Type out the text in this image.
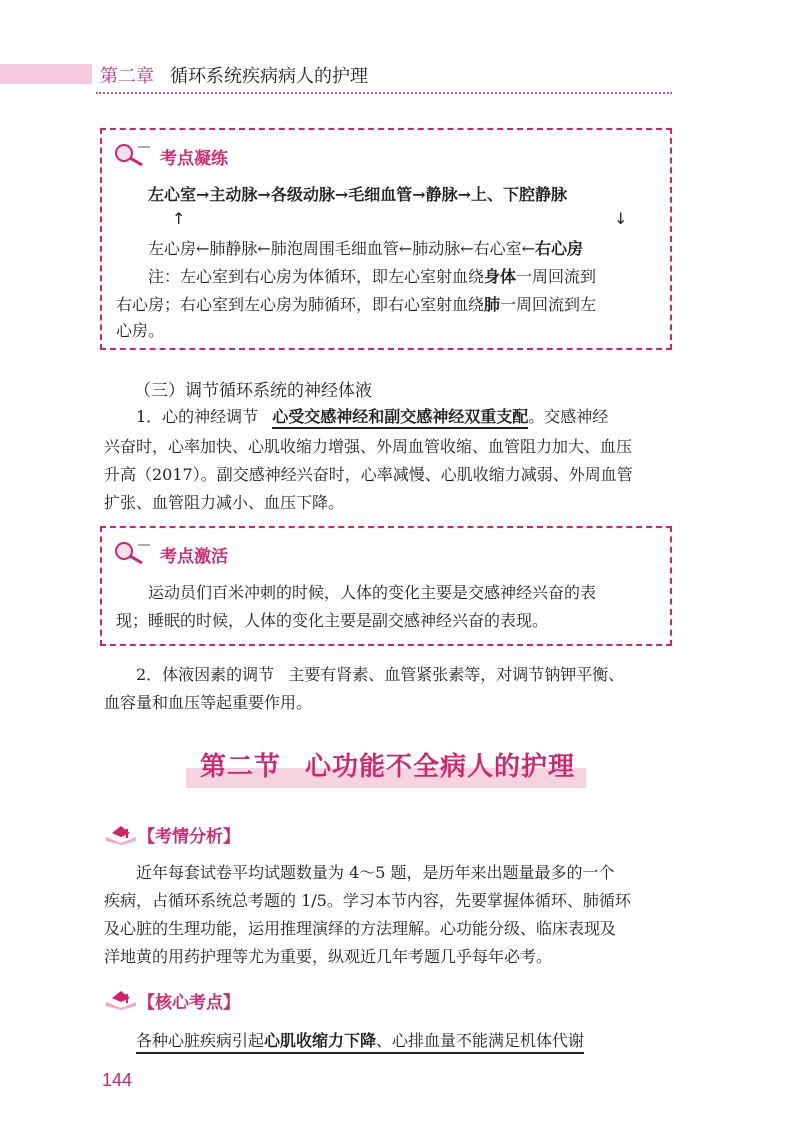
第二章 循环系统疾病病人的护理
考点凝练
左心室→主动脉→各级动脉→毛细血管→静脉→上、下腔静脉
↑	↓
左心房←肺静脉←肺泡周围毛细血管←肺动脉←右心室←右心房
注：左心室到右心房为体循环，即左心室射血绕身体一周回流到
右心房；右心室到左心房为肺循环，即右心室射血绕肺一周回流到左
心房。
（三）调节循环系统的神经体液
1．心的神经调节 心受交感神经和副交感神经双重支配。交感神经
兴奋时，心率加快、心肌收缩力增强、外周血管收缩、血管阻力加大、血压
升高（2017）。副交感神经兴奋时，心率减慢、心肌收缩力减弱、外周血管
扩张、血管阻力减小、血压下降。
考点激活
运动员们百米冲刺的时候，人体的变化主要是交感神经兴奋的表
现；睡眠的时候，人体的变化主要是副交感神经兴奋的表现。
2．体液因素的调节 主要有肾素、血管紧张素等，对调节钠钾平衡、
血容量和血压等起重要作用。
第二节 心功能不全病人的护理
【考情分析】
近年每套试卷平均试题数量为 4～5 题，是历年来出题量最多的一个
疾病，占循环系统总考题的 1/5。学习本节内容，先要掌握体循环、肺循环
及心脏的生理功能，运用推理演绎的方法理解。心功能分级、临床表现及
洋地黄的用药护理等尤为重要，纵观近几年考题几乎每年必考。
【核心考点】
各种心脏疾病引起心肌收缩力下降、心排血量不能满足机体代谢
144
